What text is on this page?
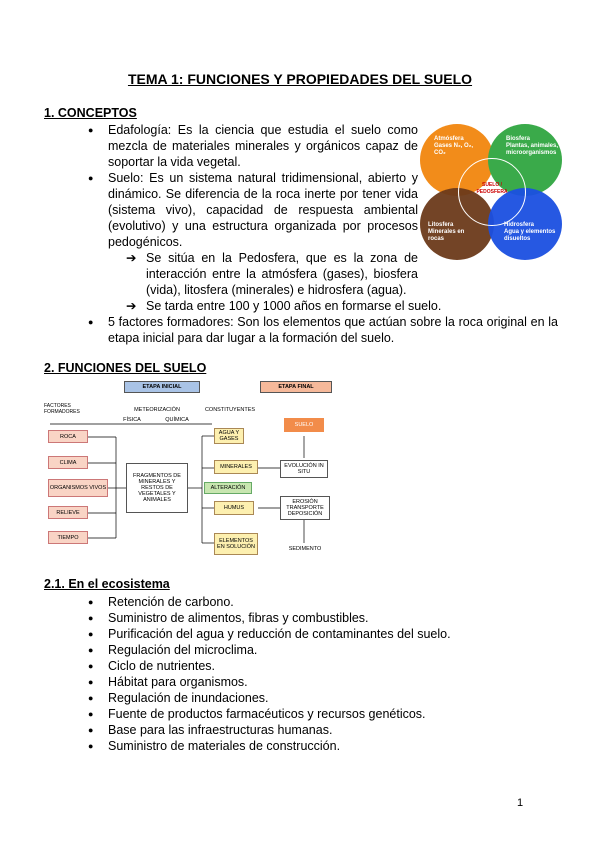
TEMA 1: FUNCIONES Y PROPIEDADES DEL SUELO
1. CONCEPTOS
● Edafología: Es la ciencia que estudia el suelo como mezcla de materiales minerales y orgánicos capaz de soportar la vida vegetal.
● Suelo: Es un sistema natural tridimensional, abierto y dinámico. Se diferencia de la roca inerte por tener vida (sistema vivo), capacidad de respuesta ambiental (evolutivo) y una estructura organizada por procesos pedogénicos.
➔ Se sitúa en la Pedosfera, que es la zona de interacción entre la atmósfera (gases), biosfera (vida), litosfera (minerales) e hidrosfera (agua).
➔ Se tarda entre 100 y 1000 años en formarse el suelo.
● 5 factores formadores: Son los elementos que actúan sobre la roca original en la etapa inicial para dar lugar a la formación del suelo.
Atmósfera
Gases N₂, O₂, CO₂
Biosfera
Plantas, animales, microorganismos
Litosfera
Minerales en rocas
Hidrosfera
Agua y elementos disueltos
SUELO / PEDOSFERA
2. FUNCIONES DEL SUELO
ETAPA INICIAL	ETAPA FINAL
FACTORES FORMADORES	METEORIZACIÓN	CONSTITUYENTES
FÍSICA	QUÍMICA
ROCA
CLIMA
ORGANISMOS VIVOS
RELIEVE
TIEMPO
FRAGMENTOS DE MINERALES Y RESTOS DE VEGETALES Y ANIMALES
AGUA Y GASES
MINERALES
ALTERACIÓN
HUMUS
ELEMENTOS EN SOLUCIÓN
SUELO
EVOLUCIÓN IN SITU
EROSIÓN TRANSPORTE DEPOSICIÓN
SEDIMENTO
2.1. En el ecosistema
● Retención de carbono.
● Suministro de alimentos, fibras y combustibles.
● Purificación del agua y reducción de contaminantes del suelo.
● Regulación del microclima.
● Ciclo de nutrientes.
● Hábitat para organismos.
● Regulación de inundaciones.
● Fuente de productos farmacéuticos y recursos genéticos.
● Base para las infraestructuras humanas.
● Suministro de materiales de construcción.
1
